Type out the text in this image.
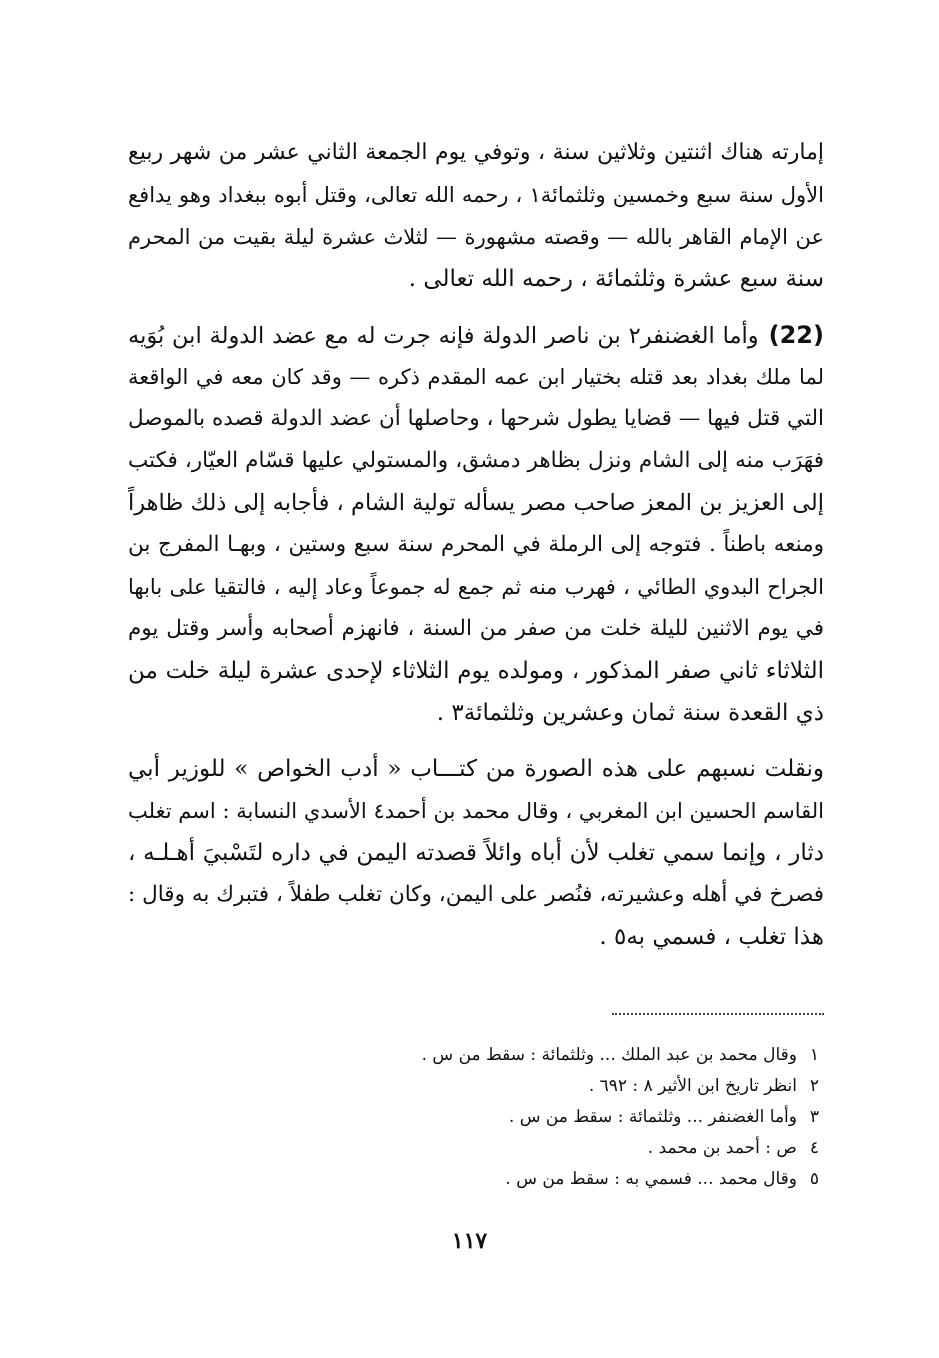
إمارته هناك اثنتين وثلاثين سنة ، وتوفي يوم الجمعة الثاني عشر من شهر ربيع
الأول سنة سبع وخمسين وثلثمائة١ ، رحمه الله تعالى، وقتل أبوه ببغداد وهو يدافع
عن الإمام القاهر بالله — وقصته مشهورة — لثلاث عشرة ليلة بقيت من المحرم
سنة سبع عشرة وثلثمائة ، رحمه الله تعالى .
(22)وأما الغضنفر٢ بن ناصر الدولة فإنه جرت له مع عضد الدولة ابن بُوَيه
لما ملك بغداد بعد قتله بختيار ابن عمه المقدم ذكره — وقد كان معه في الواقعة
التي قتل فيها — قضايا يطول شرحها ، وحاصلها أن عضد الدولة قصده بالموصل
فهَرَب منه إلى الشام ونزل بظاهر دمشق، والمستولي عليها قسّام العيّار، فكتب
إلى العزيز بن المعز صاحب مصر يسأله تولية الشام ، فأجابه إلى ذلك ظاهراً
ومنعه باطناً . فتوجه إلى الرملة في المحرم سنة سبع وستين ، وبهـا المفرج بن
الجراح البدوي الطائي ، فهرب منه ثم جمع له جموعاً وعاد إليه ، فالتقيا على بابها
في يوم الاثنين لليلة خلت من صفر من السنة ، فانهزم أصحابه وأسر وقتل يوم
الثلاثاء ثاني صفر المذكور ، ومولده يوم الثلاثاء لإحدى عشرة ليلة خلت من
ذي القعدة سنة ثمان وعشرين وثلثمائة٣ .
ونقلت نسبهم على هذه الصورة من كتـــاب « أدب الخواص » للوزير أبي
القاسم الحسين ابن المغربي ، وقال محمد بن أحمد٤ الأسدي النسابة : اسم تغلب
دثار ، وإنما سمي تغلب لأن أباه وائلاً قصدته اليمن في داره لتَسْبيَ أهـلـه ،
فصرخ في أهله وعشيرته، فنُصر على اليمن، وكان تغلب طفلاً ، فتبرك به وقال :
هذا تغلب ، فسمي به٥ .
١وقال محمد بن عبد الملك ... وثلثمائة : سقط من س .
٢انظر تاريخ ابن الأثير ٨ : ٦٩٢ .
٣وأما الغضنفر ... وثلثمائة : سقط من س .
٤ص : أحمد بن محمد .
٥وقال محمد ... فسمي به : سقط من س .
١١٧
